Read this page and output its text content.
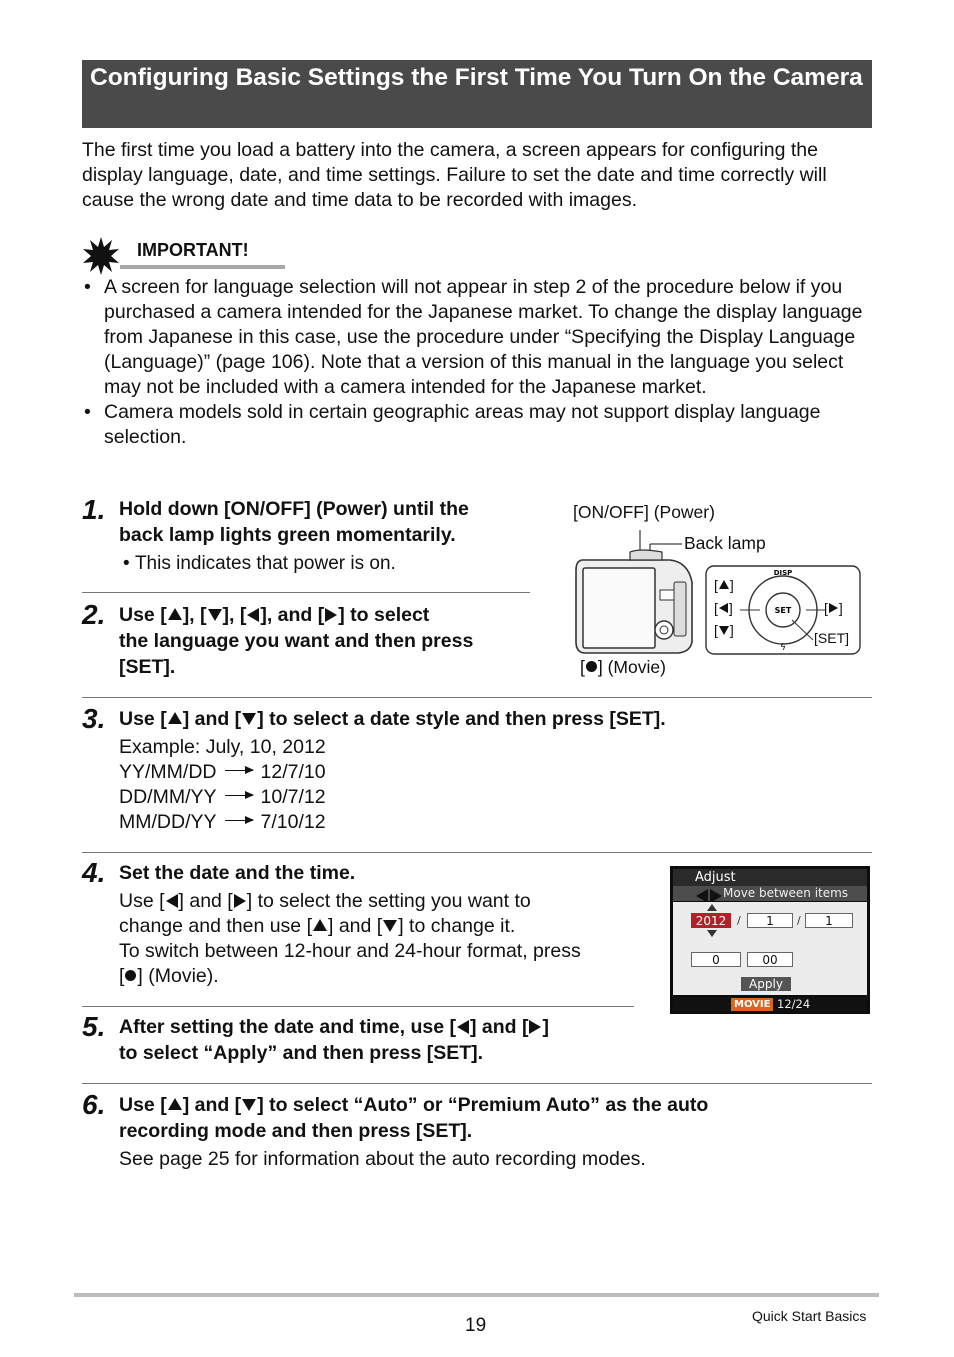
Configuring Basic Settings the First Time You Turn On the Camera
The first time you load a battery into the camera, a screen appears for configuring the display language, date, and time settings. Failure to set the date and time correctly will cause the wrong date and time data to be recorded with images.
IMPORTANT!
• A screen for language selection will not appear in step 2 of the procedure below if you purchased a camera intended for the Japanese market. To change the display language from Japanese in this case, use the procedure under “Specifying the Display Language (Language)” (page 106). Note that a version of this manual in the language you select may not be included with a camera intended for the Japanese market.
• Camera models sold in certain geographic areas may not support display language selection.
1. Hold down [ON/OFF] (Power) until the
back lamp lights green momentarily.
• This indicates that power is on.
2. Use [ ], [ ], [ ], and [ ] to select
the language you want and then press
[SET].
[ON/OFF] (Power)
Back lamp
[ ] (Movie)
DISP
SET
ϟ
[ ]
[ ]
[ ]
[ ]
[SET]
3. Use [ ] and [ ] to select a date style and then press [SET].
Example: July, 10, 2012
YY/MM/DD 12/7/10
DD/MM/YY 10/7/12
MM/DD/YY 7/10/12
4. Set the date and the time.
Use [ ] and [ ] to select the setting you want to
change and then use [ ] and [ ] to change it.
To switch between 12-hour and 24-hour format, press
[ ] (Movie).
Adjust
Move between items
2012 /	1	/	1
0	00
Apply
MOVIE 12/24
5. After setting the date and time, use [ ] and [ ]
to select “Apply” and then press [SET].
6. Use [ ] and [ ] to select “Auto” or “Premium Auto” as the auto
recording mode and then press [SET].
See page 25 for information about the auto recording modes.
19	Quick Start Basics
